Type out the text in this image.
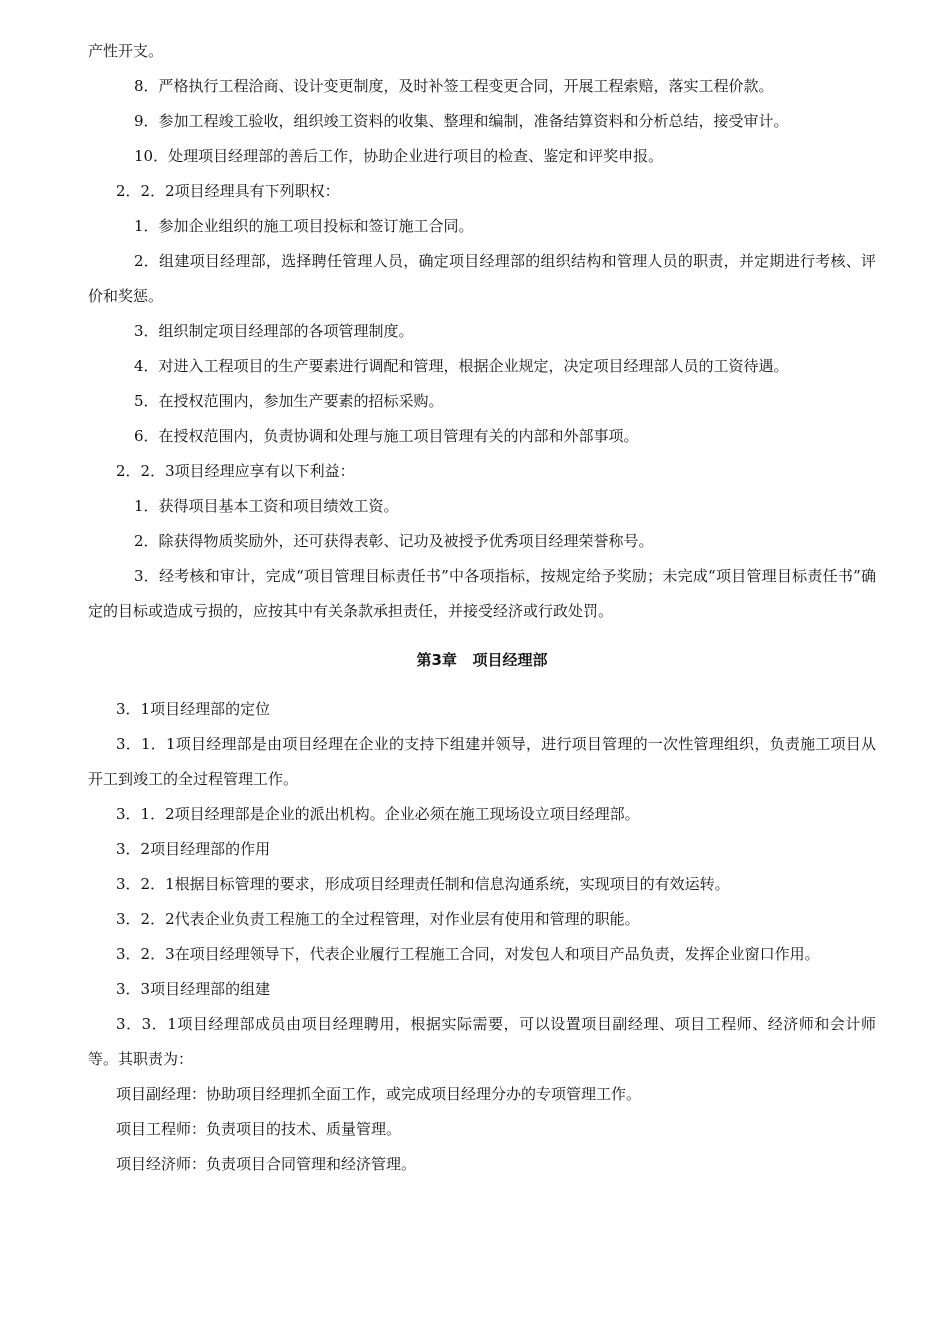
产性开支。

8．严格执行工程洽商、设计变更制度，及时补签工程变更合同，开展工程索赔，落实工程价款。

9．参加工程竣工验收，组织竣工资料的收集、整理和编制，准备结算资料和分析总结，接受审计。

10．处理项目经理部的善后工作，协助企业进行项目的检查、鉴定和评奖申报。

2．2．2项目经理具有下列职权：

1．参加企业组织的施工项目投标和签订施工合同。

2．组建项目经理部，选择聘任管理人员，确定项目经理部的组织结构和管理人员的职责，并定期进行考核、评价和奖惩。

3．组织制定项目经理部的各项管理制度。

4．对进入工程项目的生产要素进行调配和管理，根据企业规定，决定项目经理部人员的工资待遇。

5．在授权范围内，参加生产要素的招标采购。

6．在授权范围内，负责协调和处理与施工项目管理有关的内部和外部事项。

2．2．3项目经理应享有以下利益：

1．获得项目基本工资和项目绩效工资。

2．除获得物质奖励外，还可获得表彰、记功及被授予优秀项目经理荣誉称号。

3．经考核和审计，完成“项目管理目标责任书”中各项指标，按规定给予奖励；未完成“项目管理目标责任书”确定的目标或造成亏损的，应按其中有关条款承担责任，并接受经济或行政处罚。

第3章   项目经理部

3．1项目经理部的定位

3．1．1项目经理部是由项目经理在企业的支持下组建并领导，进行项目管理的一次性管理组织，负责施工项目从开工到竣工的全过程管理工作。

3．1．2项目经理部是企业的派出机构。企业必须在施工现场设立项目经理部。

3．2项目经理部的作用

3．2．1根据目标管理的要求，形成项目经理责任制和信息沟通系统，实现项目的有效运转。

3．2．2代表企业负责工程施工的全过程管理，对作业层有使用和管理的职能。

3．2．3在项目经理领导下，代表企业履行工程施工合同，对发包人和项目产品负责，发挥企业窗口作用。

3．3项目经理部的组建

3．3．1项目经理部成员由项目经理聘用，根据实际需要，可以设置项目副经理、项目工程师、经济师和会计师等。其职责为：

项目副经理：协助项目经理抓全面工作，或完成项目经理分办的专项管理工作。

项目工程师：负责项目的技术、质量管理。

项目经济师：负责项目合同管理和经济管理。
